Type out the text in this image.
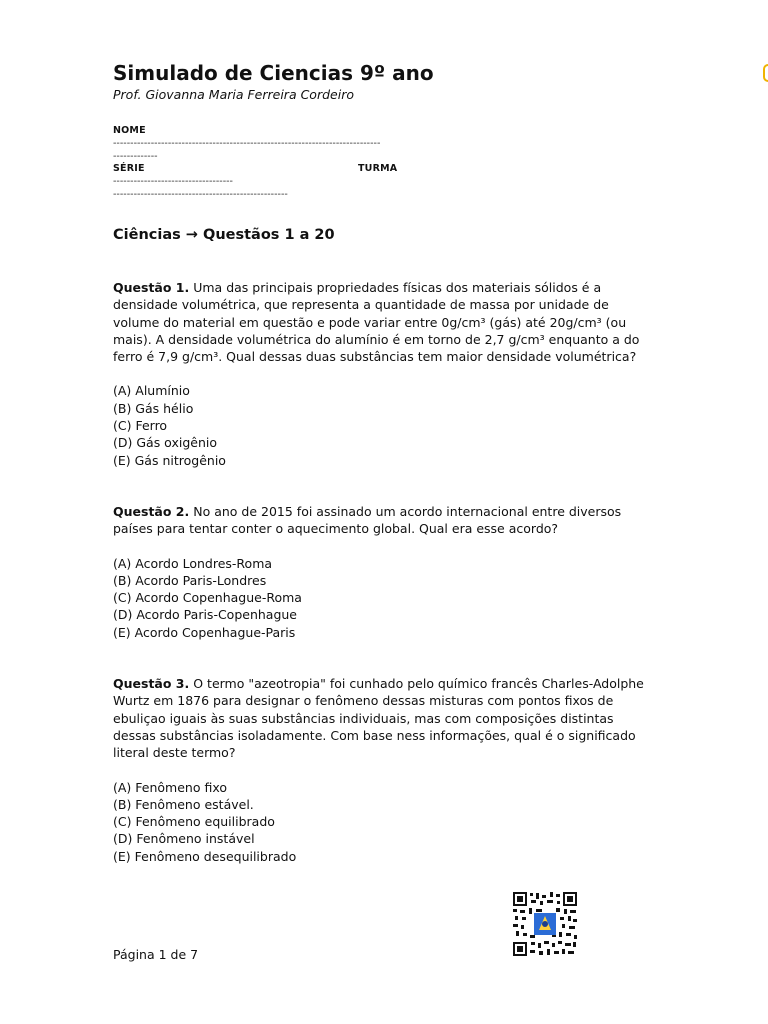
Simulado de Ciencias 9º ano

Prof. Giovanna Maria Ferreira Cordeiro

NOME
------------------------------------------------------------------------------
-------------
SÉRIE	TURMA
-----------------------------------
---------------------------------------------------
Ciências → Questãos 1 a 20
Questão 1. Uma das principais propriedades físicas dos materiais sólidos é a densidade volumétrica, que representa a quantidade de massa por unidade de volume do material em questão e pode variar entre 0g/cm³ (gás) até 20g/cm³ (ou mais). A densidade volumétrica do alumínio é em torno de 2,7 g/cm³ enquanto a do ferro é 7,9 g/cm³. Qual dessas duas substâncias tem maior densidade volumétrica?
(A) Alumínio
(B) Gás hélio
(C) Ferro
(D) Gás oxigênio
(E) Gás nitrogênio
Questão 2. No ano de 2015 foi assinado um acordo internacional entre diversos países para tentar conter o aquecimento global. Qual era esse acordo?
(A) Acordo Londres-Roma
(B) Acordo Paris-Londres
(C) Acordo Copenhague-Roma
(D) Acordo Paris-Copenhague
(E) Acordo Copenhague-Paris
Questão 3. O termo "azeotropia" foi cunhado pelo químico francês Charles-Adolphe Wurtz em 1876 para designar o fenômeno dessas misturas com pontos fixos de ebuliçao iguais às suas substâncias individuais, mas com composições distintas dessas substâncias isoladamente. Com base ness informações, qual é o significado literal deste termo?
(A) Fenômeno fixo
(B) Fenômeno estável.
(C) Fenômeno equilibrado
(D) Fenômeno instável
(E) Fenômeno desequilibrado
Página 1 de 7
